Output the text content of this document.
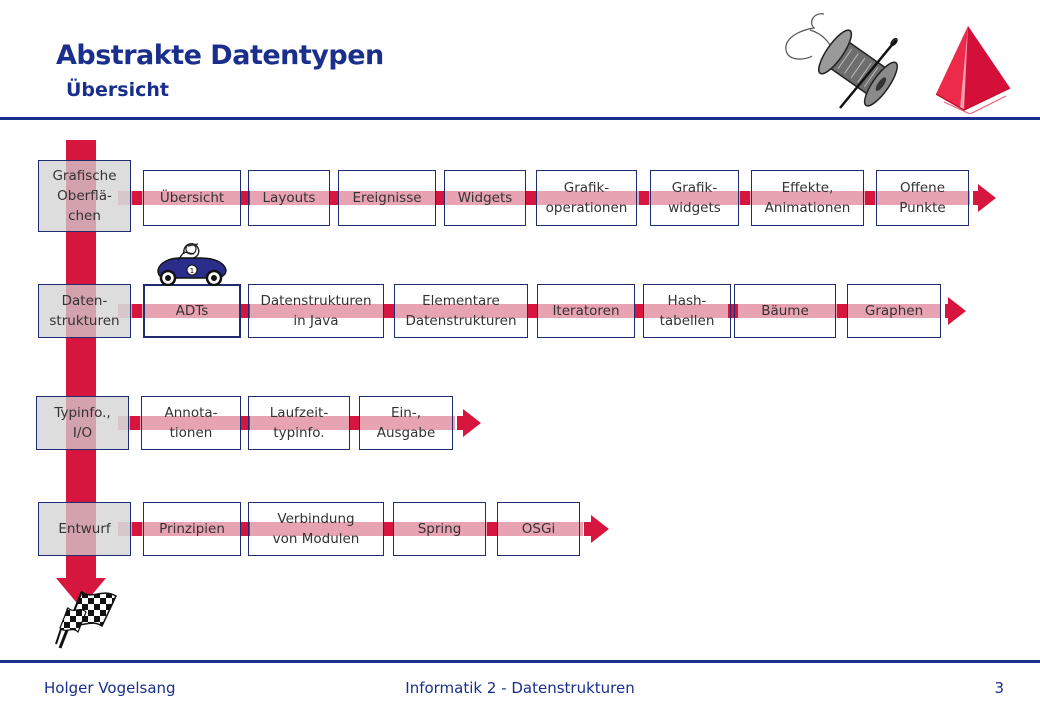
Abstrakte Datentypen
Übersicht
Grafische
Oberflä-
chen
Übersicht	Layouts	Ereignisse	Widgets
Grafik-
operationen
Grafik-
widgets
Effekte,
Animationen
Offene
Punkte
Daten-
strukturen
ADTs
Datenstrukturen
in Java
Elementare
Datenstrukturen
Iteratoren
Hash-
tabellen
Bäume	Graphen
Typinfo.,
I/O
Annota-
tionen
Laufzeit-
typinfo.
Ein-,
Ausgabe
Entwurf	Prinzipien
Verbindung
von Modulen
Spring	OSGi
1
Holger Vogelsang	Informatik 2 - Datenstrukturen	3
